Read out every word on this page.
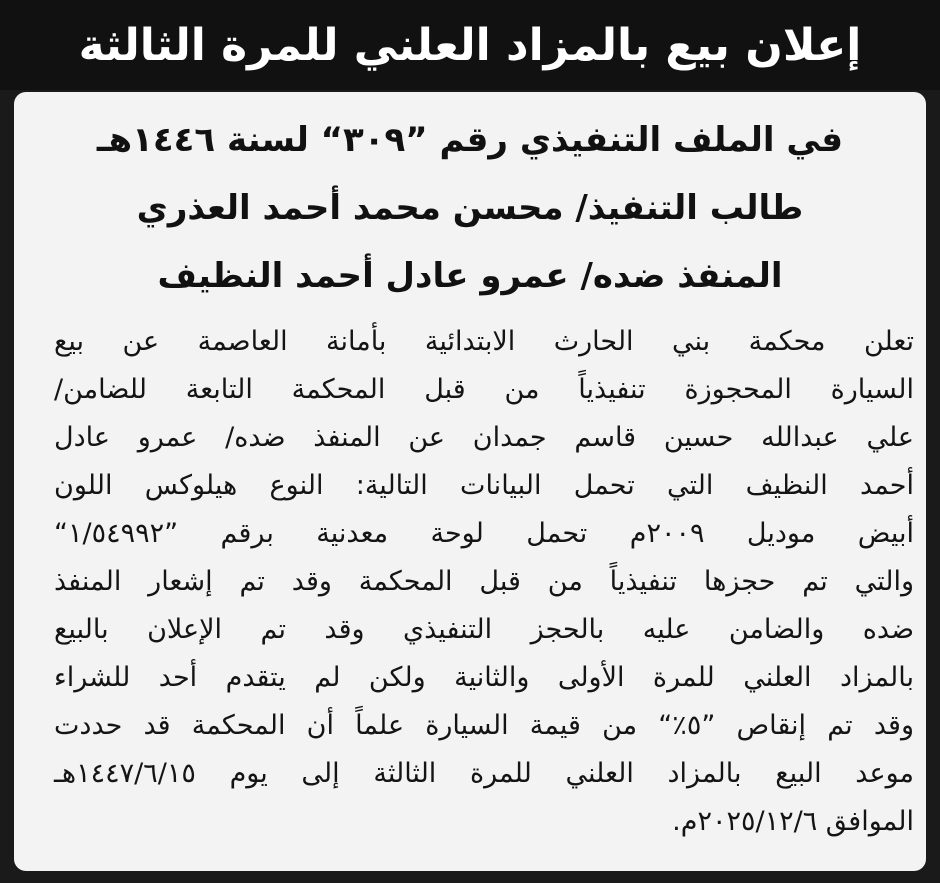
إعلان بيع بالمزاد العلني للمرة الثالثة
في الملف التنفيذي رقم ”٣٠٩“ لسنة ١٤٤٦هـ
طالب التنفيذ/ محسن محمد أحمد العذري
المنفذ ضده/ عمرو عادل أحمد النظيف
تعلن محكمة بني الحارث الابتدائية بأمانة العاصمة عن بيع
السيارة المحجوزة تنفيذياً من قبل المحكمة التابعة للضامن/
علي عبدالله حسين قاسم جمدان عن المنفذ ضده/ عمرو عادل
أحمد النظيف التي تحمل البيانات التالية: النوع هيلوكس اللون
أبيض موديل ٢٠٠٩م تحمل لوحة معدنية برقم ”١/٥٤٩٩٢“
والتي تم حجزها تنفيذياً من قبل المحكمة وقد تم إشعار المنفذ
ضده والضامن عليه بالحجز التنفيذي وقد تم الإعلان بالبيع
بالمزاد العلني للمرة الأولى والثانية ولكن لم يتقدم أحد للشراء
وقد تم إنقاص ”٥٪“ من قيمة السيارة علماً أن المحكمة قد حددت
موعد البيع بالمزاد العلني للمرة الثالثة إلى يوم ١٤٤٧/٦/١٥هـ
الموافق ٢٠٢٥/١٢/٦م.
